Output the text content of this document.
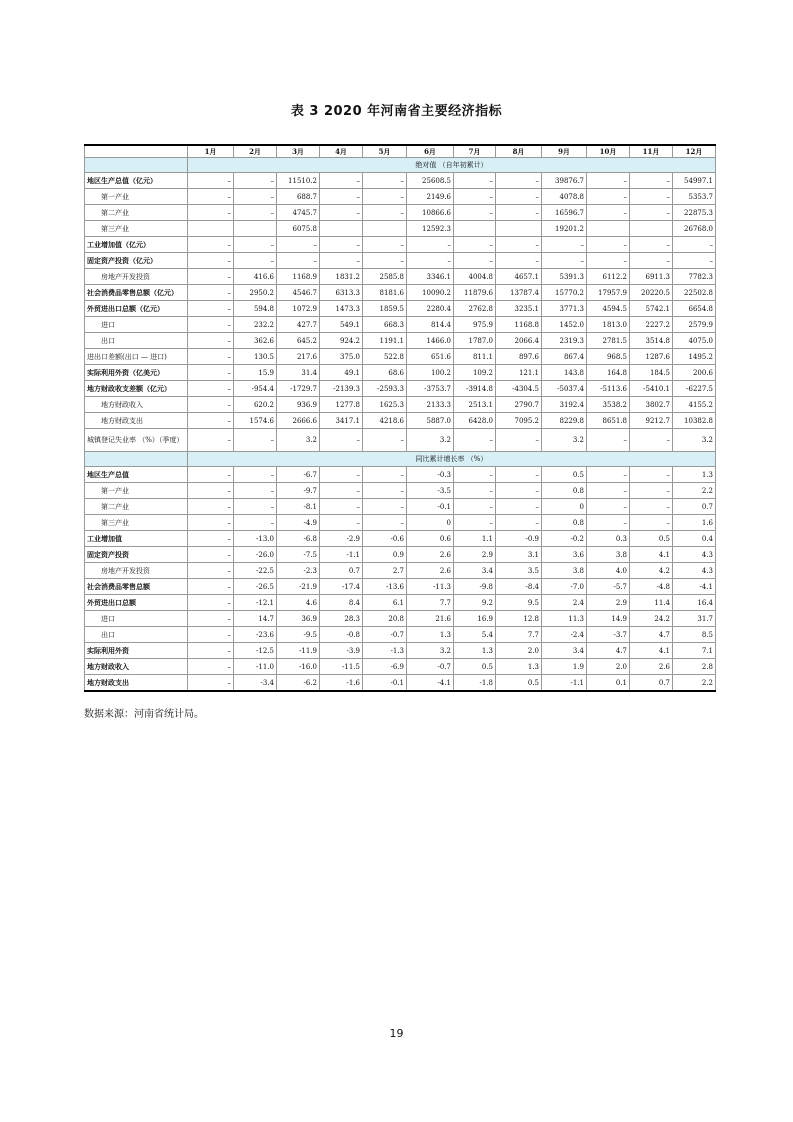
表 3 2020 年河南省主要经济指标
	1月	2月	3月	4月	5月	6月	7月	8月	9月	10月	11月	12月
	绝对值 （自年初累计）											
地区生产总值（亿元）	–	–	11510.2	–	–	25608.5	–	–	39876.7	–	–	54997.1
第一产业	–	–	688.7	–	–	2149.6	–	–	4078.8	–	–	5353.7
第二产业	–	–	4745.7	–	–	10866.6	–	–	16596.7	–	–	22875.3
第三产业			6075.8			12592.3			19201.2			26768.0
工业增加值（亿元）	–	–	–	–	–	–	–	–	–	–	–	–
固定资产投资（亿元）	–	–	–	–	–	–	–	–	–	–	–	–
房地产开发投资	–	416.6	1168.9	1831.2	2585.8	3346.1	4004.8	4657.1	5391.3	6112.2	6911.3	7782.3
社会消费品零售总额（亿元）	–	2950.2	4546.7	6313.3	8181.6	10090.2	11879.6	13787.4	15770.2	17957.9	20220.5	22502.8
外贸进出口总额（亿元）	–	594.8	1072.9	1473.3	1859.5	2280.4	2762.8	3235.1	3771.3	4594.5	5742.1	6654.8
进口	–	232.2	427.7	549.1	668.3	814.4	975.9	1168.8	1452.0	1813.0	2227.2	2579.9
出口	–	362.6	645.2	924.2	1191.1	1466.0	1787.0	2066.4	2319.3	2781.5	3514.8	4075.0
进出口差额(出口 — 进口)	–	130.5	217.6	375.0	522.8	651.6	811.1	897.6	867.4	968.5	1287.6	1495.2
实际利用外资（亿美元）	–	15.9	31.4	49.1	68.6	100.2	109.2	121.1	143.8	164.8	184.5	200.6
地方财政收支差额（亿元）	–	-954.4	-1729.7	-2139.3	-2593.3	-3753.7	-3914.8	-4304.5	-5037.4	-5113.6	-5410.1	-6227.5
地方财政收入	–	620.2	936.9	1277.8	1625.3	2133.3	2513.1	2790.7	3192.4	3538.2	3802.7	4155.2
地方财政支出	–	1574.6	2666.6	3417.1	4218.6	5887.0	6428.0	7095.2	8229.8	8651.8	9212.7	10382.8
城镇登记失业率 （%）（季度）	–	–	3.2	–	–	3.2	–	–	3.2	–	–	3.2
	同比累计增长率 （%）											
地区生产总值	–	–	-6.7	–	–	-0.3	–	–	0.5	–	–	1.3
第一产业	–	–	-9.7	–	–	-3.5	–	–	0.8	–	–	2.2
第二产业	–	–	-8.1	–	–	-0.1	–	–	0	–	–	0.7
第三产业	–	–	-4.9	–	–	0	–	–	0.8	–	–	1.6
工业增加值	–	-13.0	-6.8	-2.9	-0.6	0.6	1.1	-0.9	-0.2	0.3	0.5	0.4
固定资产投资	–	-26.0	-7.5	-1.1	0.9	2.6	2.9	3.1	3.6	3.8	4.1	4.3
房地产开发投资	–	-22.5	-2.3	0.7	2.7	2.6	3.4	3.5	3.8	4.0	4.2	4.3
社会消费品零售总额	–	-26.5	-21.9	-17.4	-13.6	-11.3	-9.8	-8.4	-7.0	-5.7	-4.8	-4.1
外贸进出口总额	–	-12.1	4.6	8.4	6.1	7.7	9.2	9.5	2.4	2.9	11.4	16.4
进口	–	14.7	36.9	28.3	20.8	21.6	16.9	12.8	11.3	14.9	24.2	31.7
出口	–	-23.6	-9.5	-0.8	-0.7	1.3	5.4	7.7	-2.4	-3.7	4.7	8.5
实际利用外资	–	-12.5	-11.9	-3.9	-1.3	3.2	1.3	2.0	3.4	4.7	4.1	7.1
地方财政收入	–	-11.0	-16.0	-11.5	-6.9	-0.7	0.5	1.3	1.9	2.0	2.6	2.8
地方财政支出	–	-3.4	-6.2	-1.6	-0.1	-4.1	-1.8	0.5	-1.1	0.1	0.7	2.2
数据来源：河南省统计局。
19
